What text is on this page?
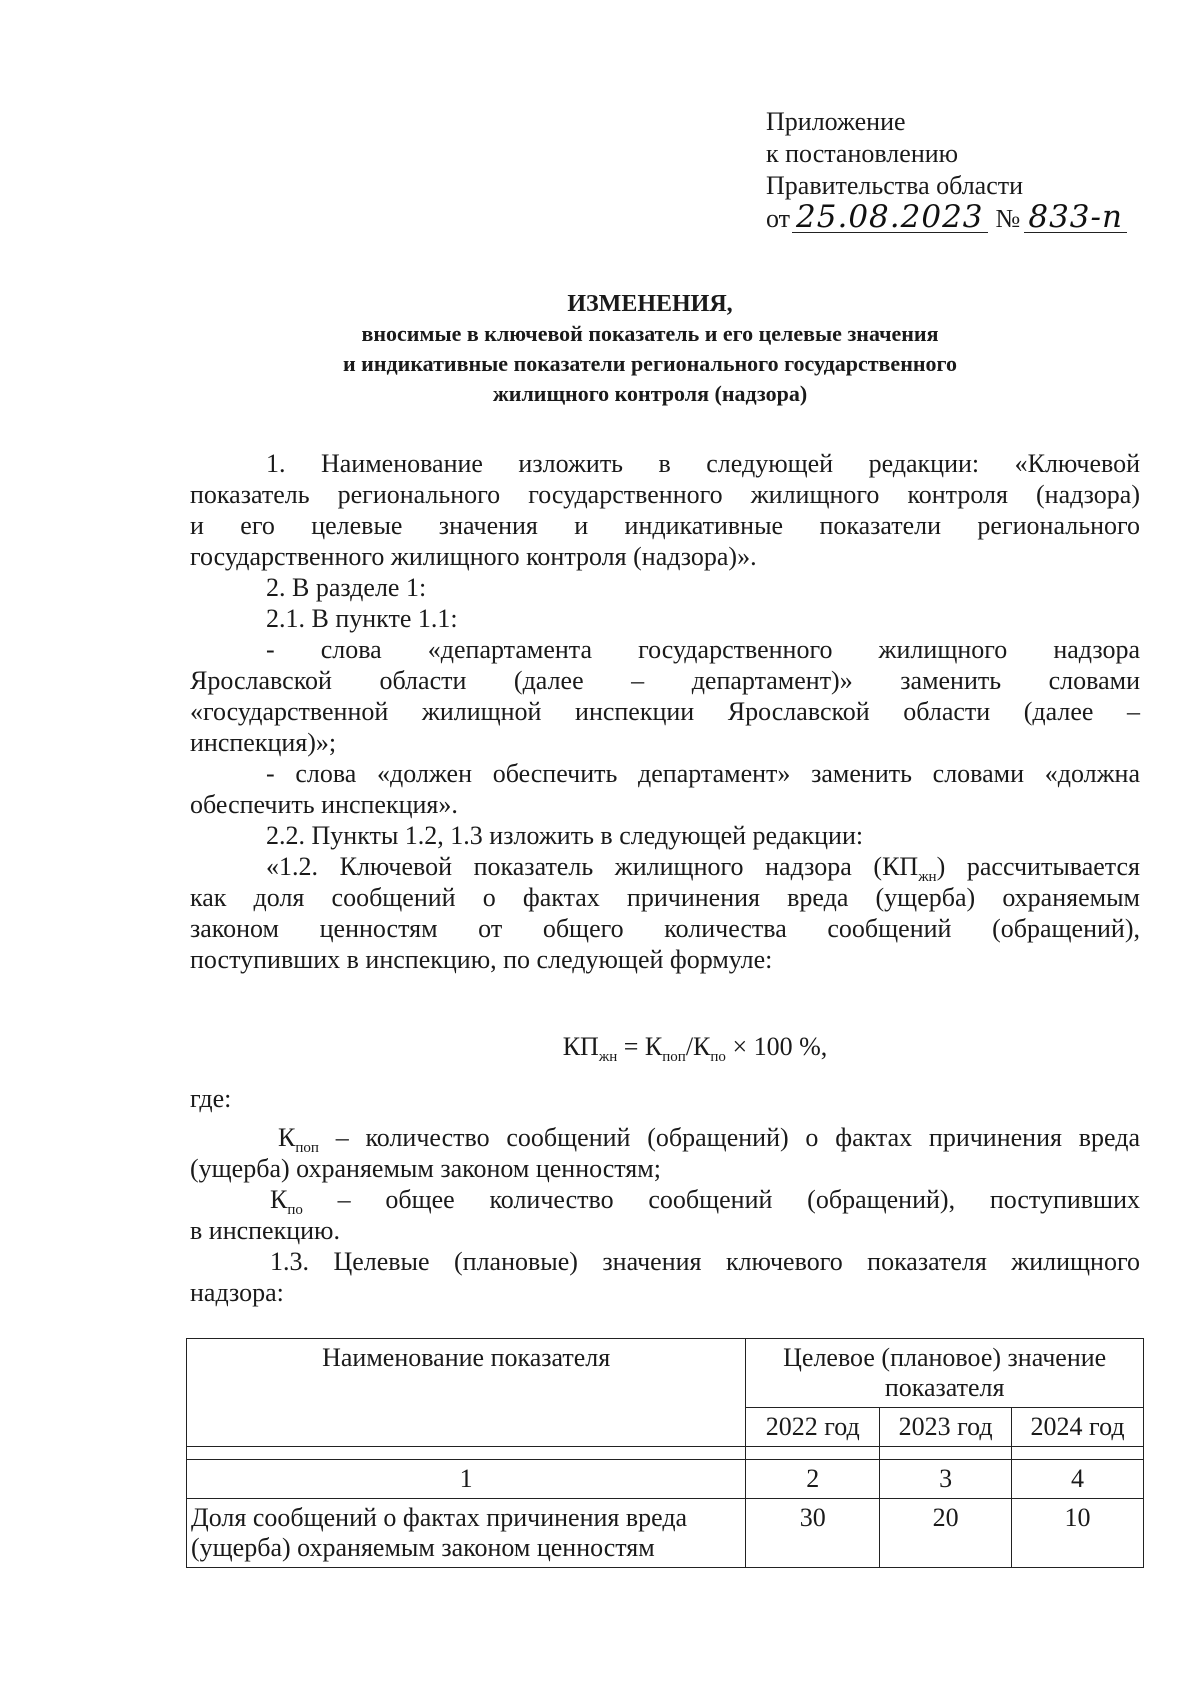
Приложение
к постановлению
Правительства области
от 25.08.2023 № 833-п
ИЗМЕНЕНИЯ,
вносимые в ключевой показатель и его целевые значения
и индикативные показатели регионального государственного
жилищного контроля (надзора)

1. Наименование изложить в следующей редакции: «Ключевой

показатель регионального государственного жилищного контроля (надзора)

и его целевые значения и индикативные показатели регионального

государственного жилищного контроля (надзора)».

2. В разделе 1:

2.1. В пункте 1.1:

- слова «департамента государственного жилищного надзора

Ярославской области (далее – департамент)» заменить словами

«государственной жилищной инспекции Ярославской области (далее –

инспекция)»;

- слова «должен обеспечить департамент» заменить словами «должна

обеспечить инспекция».

2.2. Пункты 1.2, 1.3 изложить в следующей редакции:

«1.2. Ключевой показатель жилищного надзора $(КП_{жн})$ рассчитывается

как доля сообщений о фактах причинения вреда (ущерба) охраняемым

законом ценностям от общего количества сообщений (обращений),

поступивших в инспекцию, по следующей формуле:

$КП_{жн} = К_{поп}/К_{по} \times 100$ %,

где:

$К_{поп}$ – количество сообщений (обращений) о фактах причинения вреда

(ущерба) охраняемым законом ценностям;

$К_{по}$ – общее количество сообщений (обращений), поступивших

в инспекцию.

1.3. Целевые (плановые) значения ключевого показателя жилищного

надзора:

Наименование показателя	Целевое (плановое) значение показателя		
	2022 год	2023 год	2024 год

1	2	3	4
Доля сообщений о фактах причинения вреда (ущерба) охраняемым законом ценностям	30	20	10
